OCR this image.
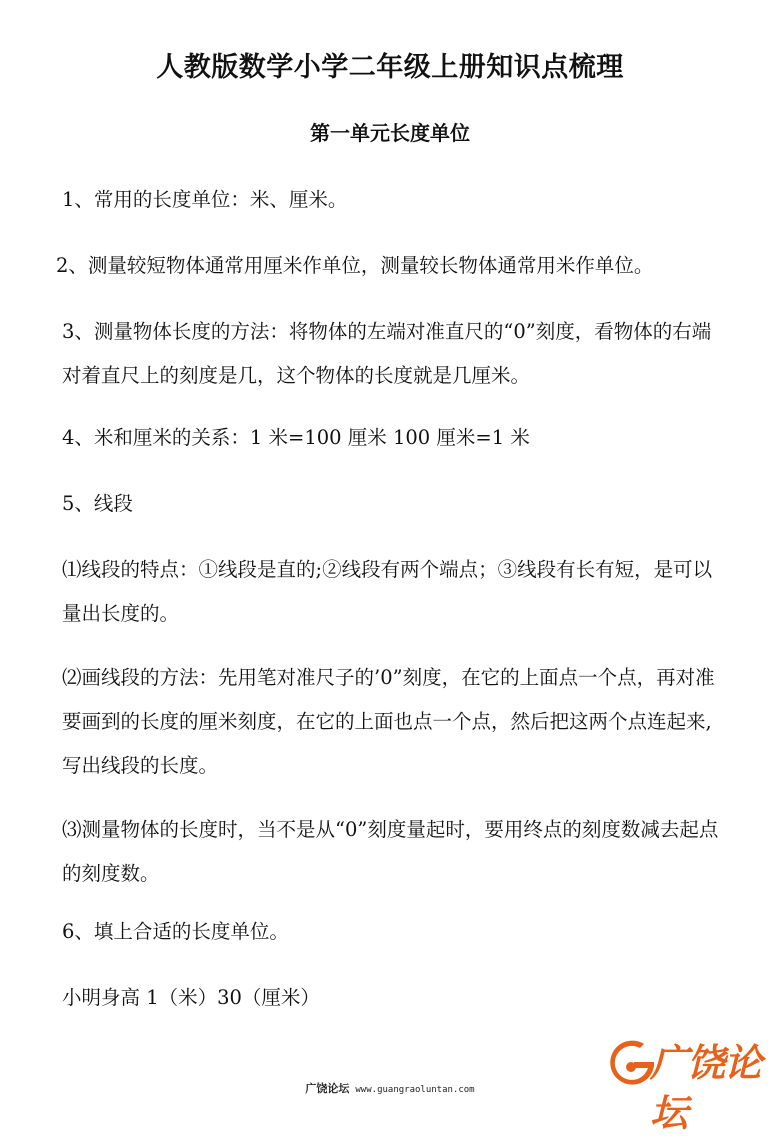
人教版数学小学二年级上册知识点梳理
第一单元长度单位
1、常用的长度单位：米、厘米。
2、测量较短物体通常用厘米作单位，测量较长物体通常用米作单位。
3、测量物体长度的方法：将物体的左端对准直尺的“0”刻度，看物体的右端
对着直尺上的刻度是几，这个物体的长度就是几厘米。
4、米和厘米的关系：1 米=100 厘米 100 厘米=1 米
5、线段
⑴线段的特点：①线段是直的;②线段有两个端点；③线段有长有短，是可以
量出长度的。
⑵画线段的方法：先用笔对准尺子的’0”刻度，在它的上面点一个点，再对准
要画到的长度的厘米刻度，在它的上面也点一个点，然后把这两个点连起来,
写出线段的长度。
⑶测量物体的长度时，当不是从“0”刻度量起时，要用终点的刻度数减去起点
的刻度数。
6、填上合适的长度单位。
小明身高 1（米）30（厘米）
广饶论坛
广饶论坛 www.guangraoluntan.com
